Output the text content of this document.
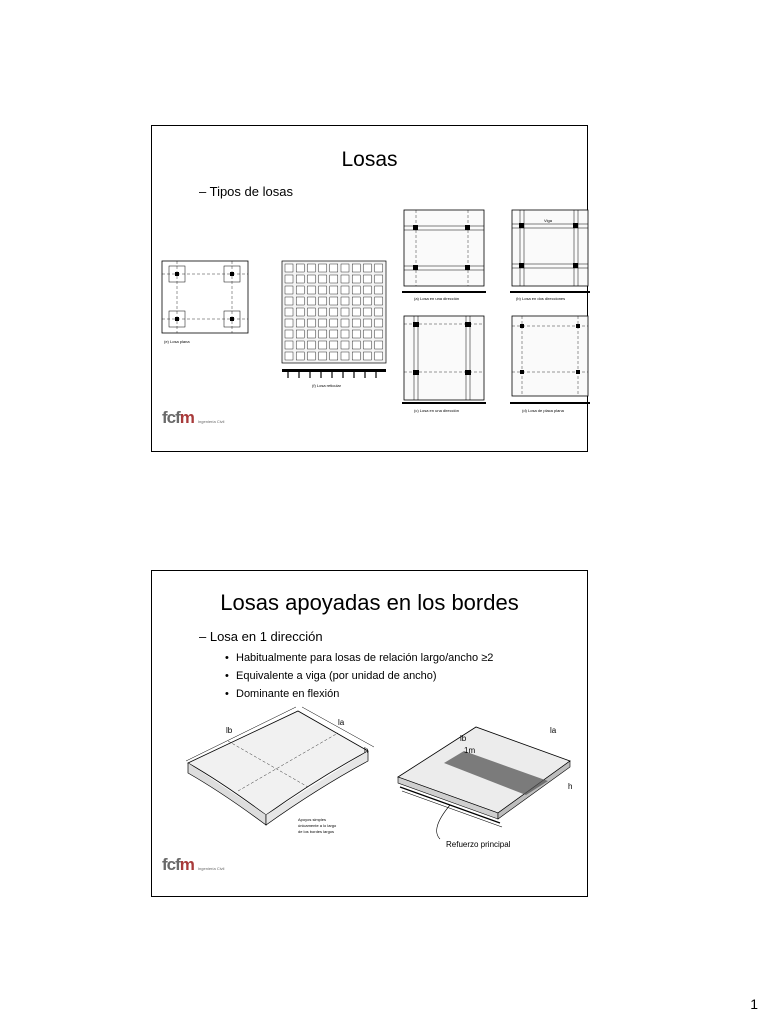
Losas
– Tipos de losas
(e) Losa plana
(f) Losa reticular
(a) Losa en una dirección
Viga
(b) Losa en dos direcciones
(c) Losa en una dirección	(d) Losa de placa plana
fcfm Ingeniería Civil
Losas apoyadas en los bordes
– Losa en 1 dirección
• Habitualmente para losas de relación largo/ancho ≥2
• Equivalente a viga (por unidad de ancho)
• Dominante en flexión
lb
la
h
Apoyos simples
únicamente a lo largo
de los bordes largos
lb
la
1m
h
Refuerzo principal
fcfm Ingeniería Civil
1
